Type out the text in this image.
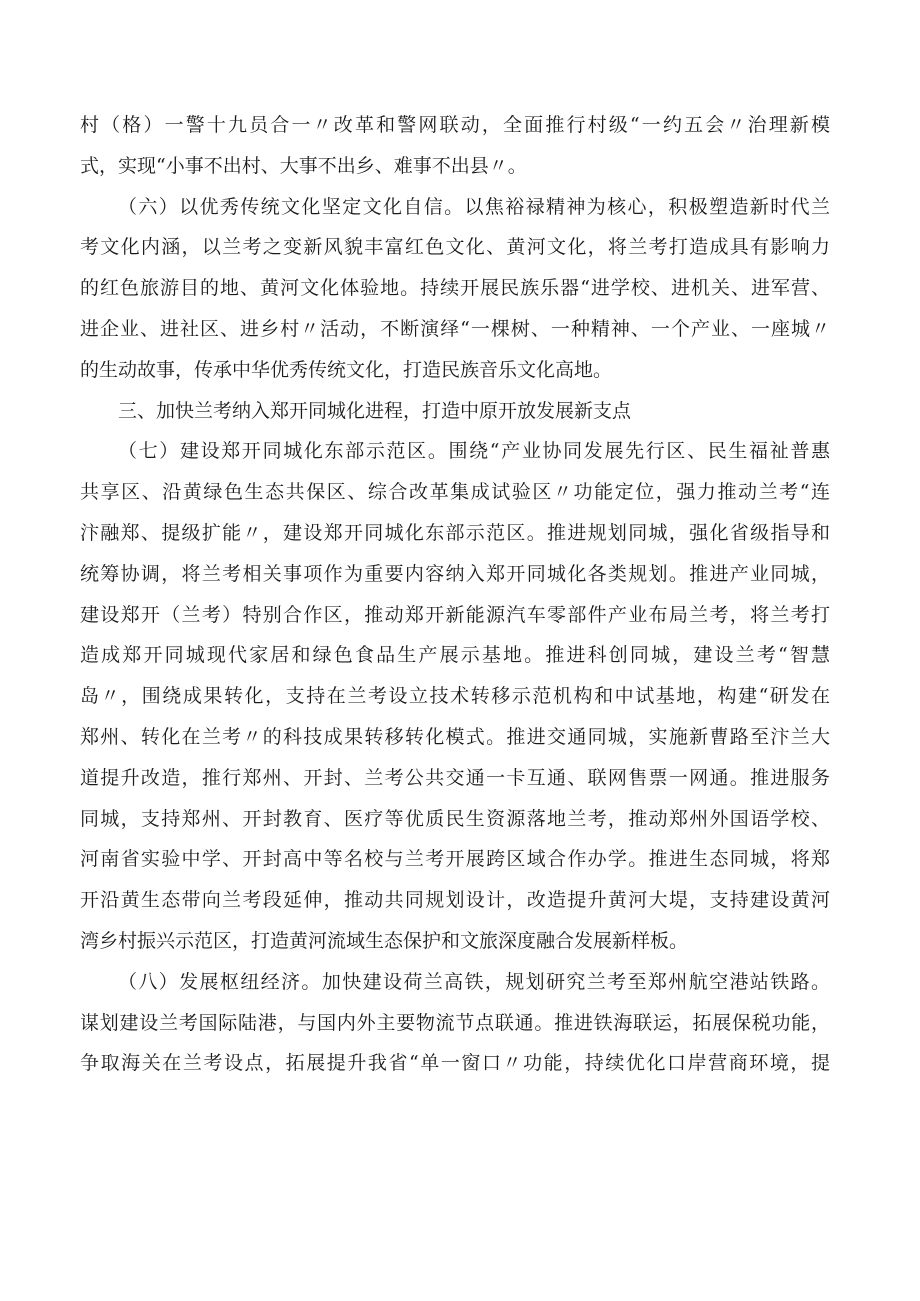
村（格）一警十九员合一〃改革和警网联动，全面推行村级“一约五会〃治理新模
式，实现“小事不出村、大事不出乡、难事不出县〃。
（六）以优秀传统文化坚定文化自信。以焦裕禄精神为核心，积极塑造新时代兰
考文化内涵，以兰考之变新风貌丰富红色文化、黄河文化，将兰考打造成具有影响力
的红色旅游目的地、黄河文化体验地。持续开展民族乐器“进学校、进机关、进军营、
进企业、进社区、进乡村〃活动，不断演绎“一棵树、一种精神、一个产业、一座城〃
的生动故事，传承中华优秀传统文化，打造民族音乐文化高地。
三、加快兰考纳入郑开同城化进程，打造中原开放发展新支点
（七）建设郑开同城化东部示范区。围绕“产业协同发展先行区、民生福祉普惠
共享区、沿黄绿色生态共保区、综合改革集成试验区〃功能定位，强力推动兰考“连
汴融郑、提级扩能〃，建设郑开同城化东部示范区。推进规划同城，强化省级指导和
统筹协调，将兰考相关事项作为重要内容纳入郑开同城化各类规划。推进产业同城，
建设郑开（兰考）特别合作区，推动郑开新能源汽车零部件产业布局兰考，将兰考打
造成郑开同城现代家居和绿色食品生产展示基地。推进科创同城，建设兰考“智慧
岛〃，围绕成果转化，支持在兰考设立技术转移示范机构和中试基地，构建“研发在
郑州、转化在兰考〃的科技成果转移转化模式。推进交通同城，实施新曹路至汴兰大
道提升改造，推行郑州、开封、兰考公共交通一卡互通、联网售票一网通。推进服务
同城，支持郑州、开封教育、医疗等优质民生资源落地兰考，推动郑州外国语学校、
河南省实验中学、开封高中等名校与兰考开展跨区域合作办学。推进生态同城，将郑
开沿黄生态带向兰考段延伸，推动共同规划设计，改造提升黄河大堤，支持建设黄河
湾乡村振兴示范区，打造黄河流域生态保护和文旅深度融合发展新样板。
（八）发展枢纽经济。加快建设荷兰高铁，规划研究兰考至郑州航空港站铁路。
谋划建设兰考国际陆港，与国内外主要物流节点联通。推进铁海联运，拓展保税功能，
争取海关在兰考设点，拓展提升我省“单一窗口〃功能，持续优化口岸营商环境，提
